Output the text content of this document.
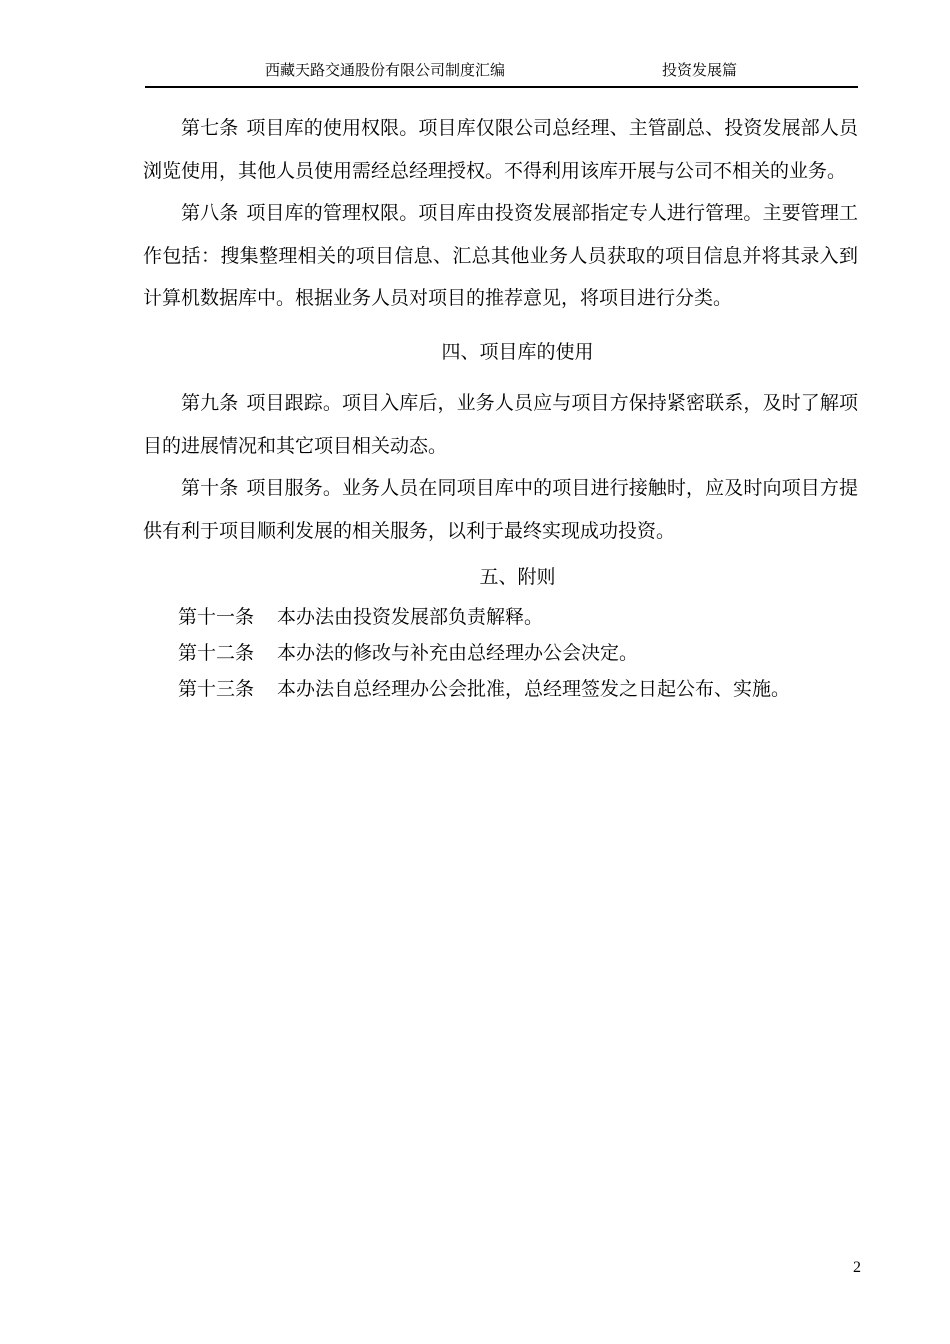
西藏天路交通股份有限公司制度汇编	投资发展篇

第七条 项目库的使用权限。项目库仅限公司总经理、主管副总、投资发展部人员浏览使用，其他人员使用需经总经理授权。不得利用该库开展与公司不相关的业务。

第八条 项目库的管理权限。项目库由投资发展部指定专人进行管理。主要管理工作包括：搜集整理相关的项目信息、汇总其他业务人员获取的项目信息并将其录入到计算机数据库中。根据业务人员对项目的推荐意见，将项目进行分类。

四、项目库的使用

第九条 项目跟踪。项目入库后，业务人员应与项目方保持紧密联系，及时了解项目的进展情况和其它项目相关动态。

第十条 项目服务。业务人员在同项目库中的项目进行接触时，应及时向项目方提供有利于项目顺利发展的相关服务，以利于最终实现成功投资。

五、附则

第十一条 本办法由投资发展部负责解释。

第十二条 本办法的修改与补充由总经理办公会决定。

第十三条 本办法自总经理办公会批准，总经理签发之日起公布、实施。

2
